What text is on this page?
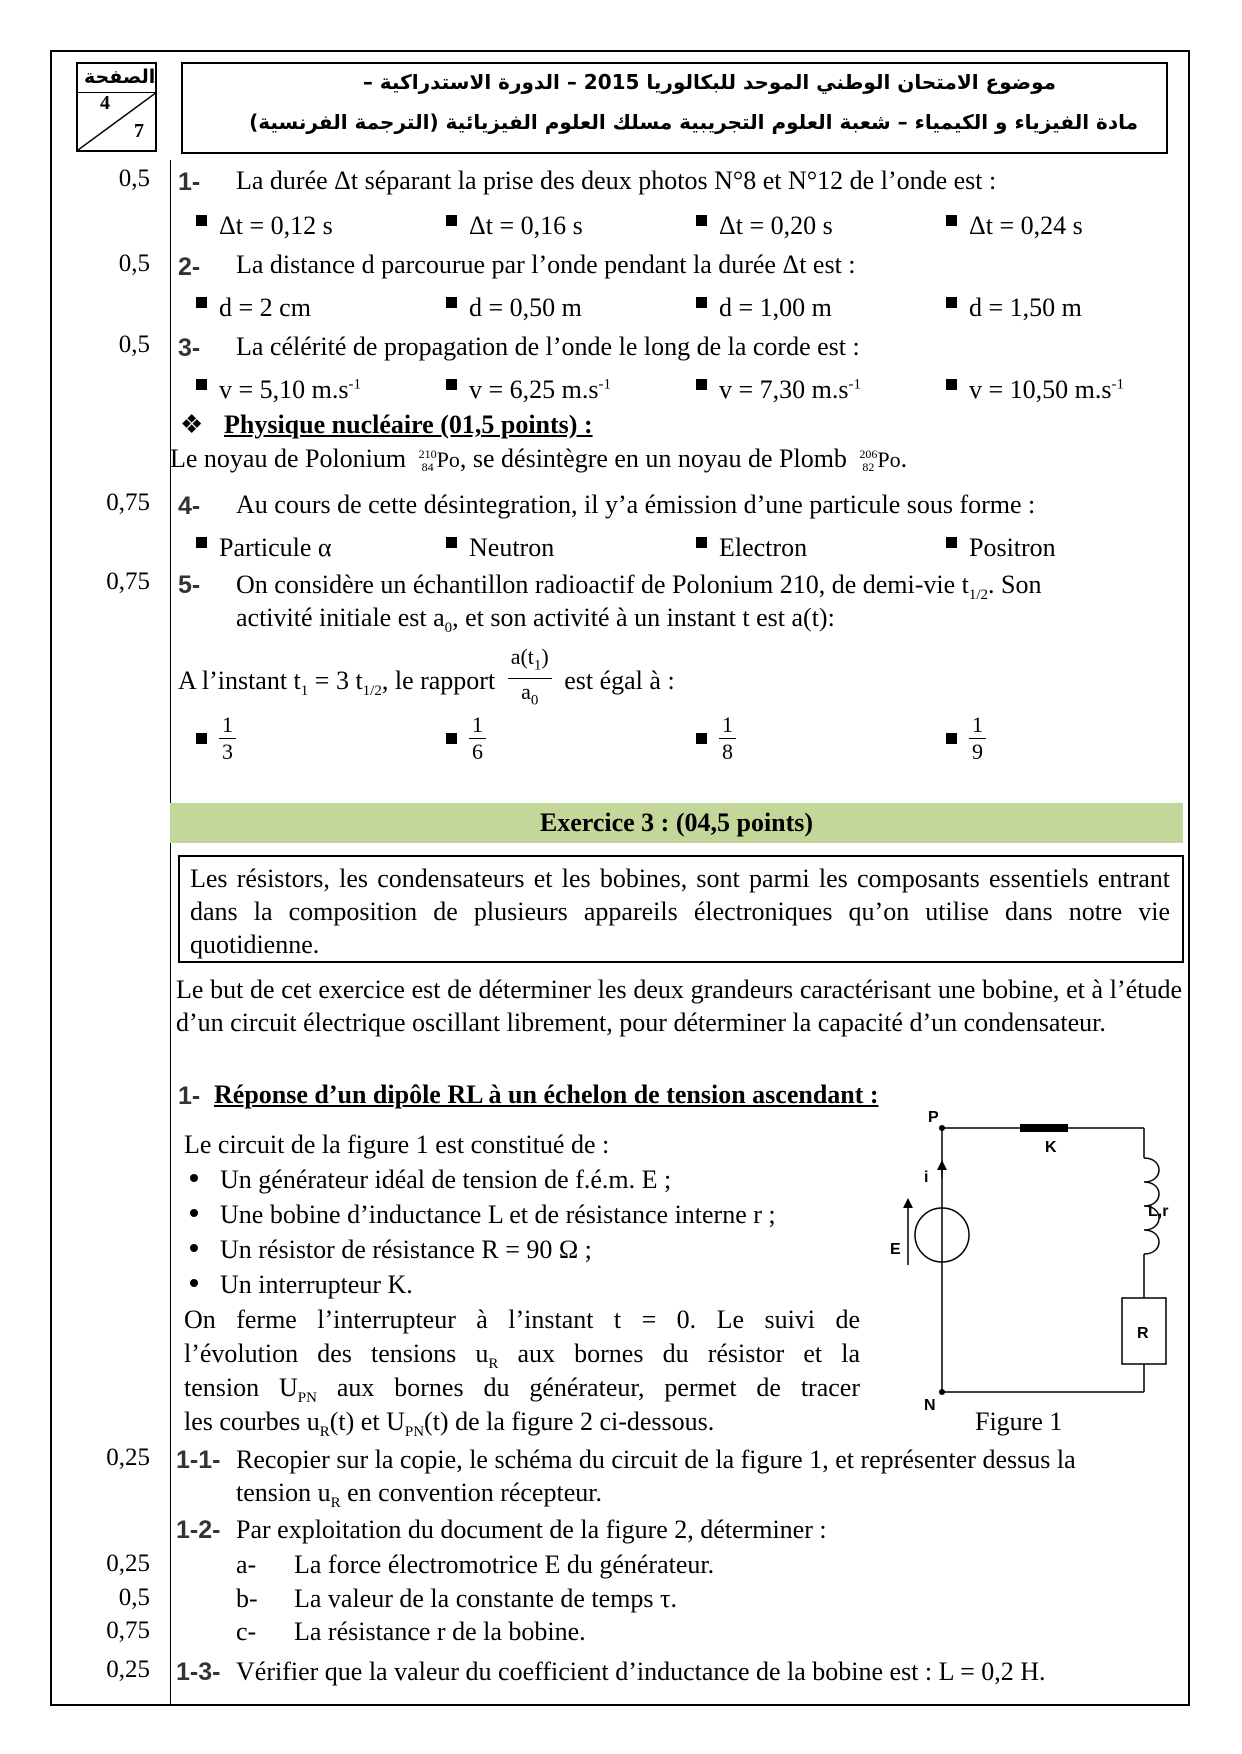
الصفحة
4
7
موضوع الامتحان الوطني الموحد للبكالوريا 2015 – الدورة الاستدراكية –
مادة الفيزياء و الكيمياء – شعبة العلوم التجريبية مسلك العلوم الفيزيائية (الترجمة الفرنسية)
0,5 1- La durée Δt séparant la prise des deux photos N°8 et N°12 de l’onde est :
Δt = 0,12 s	Δt = 0,16 s	Δt = 0,20 s	Δt = 0,24 s
0,5 2- La distance d parcourue par l’onde pendant la durée Δt est :
d = 2 cm	d = 0,50 m	d = 1,00 m	d = 1,50 m
0,5 3- La célérité de propagation de l’onde le long de la corde est :
v = 5,10 $m.s^{-1}$	v = 6,25 $m.s^{-1}$	v = 7,30 $m.s^{-1}$	v = 10,50 $m.s^{-1}$
❖ Physique nucléaire (01,5 points) :
Le noyau de Polonium 210
84 Po, se désintègre en un noyau de Plomb 206
82 Po.
0,75 4- Au cours de cette désintegration, il y’a émission d’une particule sous forme :
Particule α	Neutron	Electron	Positron
0,75 5- On considère un échantillon radioactif de Polonium 210, de demi-vie $t_{1/2}$. Son
activité initiale est $a_0$, et son activité à un instant t est a(t):
A l’instant $t_1 = 3$ $t_{1/2}$, le rapport $\frac{a(t_1)}{a_0}$ est égal à :
$\frac{1}{3}$	$\frac{1}{6}$	$\frac{1}{8}$	$\frac{1}{9}$
Exercice 3 : (04,5 points)
Les résistors, les condensateurs et les bobines, sont parmi les composants essentiels entrant dans la composition de plusieurs appareils électroniques qu’on utilise dans notre vie quotidienne.
Le but de cet exercice est de déterminer les deux grandeurs caractérisant une bobine, et à l’étude d’un circuit électrique oscillant librement, pour déterminer la capacité d’un condensateur.
1- Réponse d’un dipôle RL à un échelon de tension ascendant :
Le circuit de la figure 1 est constitué de :
Un générateur idéal de tension de f.é.m. E ;
Une bobine d’inductance L et de résistance interne r ;
Un résistor de résistance R = 90 Ω ;
Un interrupteur K.
On ferme l’interrupteur à l’instant t = 0. Le suivi de
l’évolution des tensions $u_R$ aux bornes du résistor et la
tension $U_{PN}$ aux bornes du générateur, permet de tracer
les courbes $u_R(t)$ et $U_{PN}(t)$ de la figure 2 ci-dessous.
P
K
N
i
E
L,r
R
Figure 1
0,25 1-1- Recopier sur la copie, le schéma du circuit de la figure 1, et représenter dessus la
tension $u_R$ en convention récepteur.
1-2- Par exploitation du document de la figure 2, déterminer :
0,25	a- La force électromotrice E du générateur.
0,5	b- La valeur de la constante de temps τ.
0,75	c- La résistance r de la bobine.
0,25 1-3- Vérifier que la valeur du coefficient d’inductance de la bobine est : L = 0,2 H.
